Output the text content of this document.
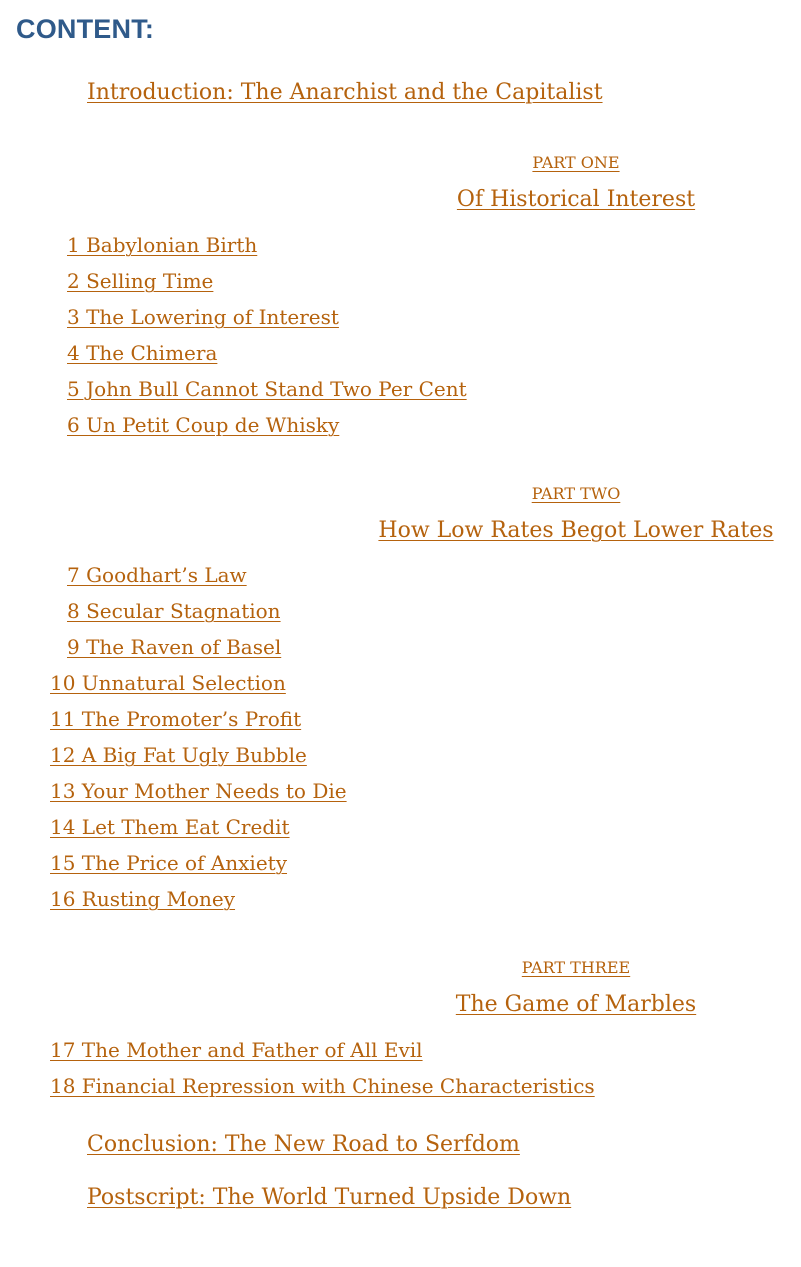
CONTENT:
Introduction: The Anarchist and the Capitalist
PART ONE
Of Historical Interest
1 Babylonian Birth
2 Selling Time
3 The Lowering of Interest
4 The Chimera
5 John Bull Cannot Stand Two Per Cent
6 Un Petit Coup de Whisky
PART TWO
How Low Rates Begot Lower Rates
7 Goodhart’s Law
8 Secular Stagnation
9 The Raven of Basel
10 Unnatural Selection
11 The Promoter’s Profit
12 A Big Fat Ugly Bubble
13 Your Mother Needs to Die
14 Let Them Eat Credit
15 The Price of Anxiety
16 Rusting Money
PART THREE
The Game of Marbles
17 The Mother and Father of All Evil
18 Financial Repression with Chinese Characteristics
Conclusion: The New Road to Serfdom
Postscript: The World Turned Upside Down
